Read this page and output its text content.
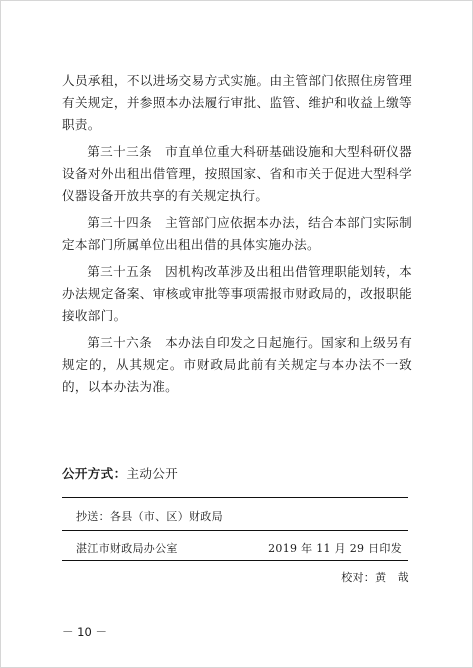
人员承租，不以进场交易方式实施。由主管部门依照住房管理有关规定，并参照本办法履行审批、监管、维护和收益上缴等职责。

第三十三条　市直单位重大科研基础设施和大型科研仪器设备对外出租出借管理，按照国家、省和市关于促进大型科学仪器设备开放共享的有关规定执行。

第三十四条　主管部门应依据本办法，结合本部门实际制定本部门所属单位出租出借的具体实施办法。

第三十五条　因机构改革涉及出租出借管理职能划转，本办法规定备案、审核或审批等事项需报市财政局的，改报职能接收部门。

第三十六条　本办法自印发之日起施行。国家和上级另有规定的，从其规定。市财政局此前有关规定与本办法不一致的，以本办法为准。

公开方式：主动公开
抄送：各县（市、区）财政局
湛江市财政局办公室	2019 年 11 月 29 日印发
校对：黄　哉
－ 10 －
